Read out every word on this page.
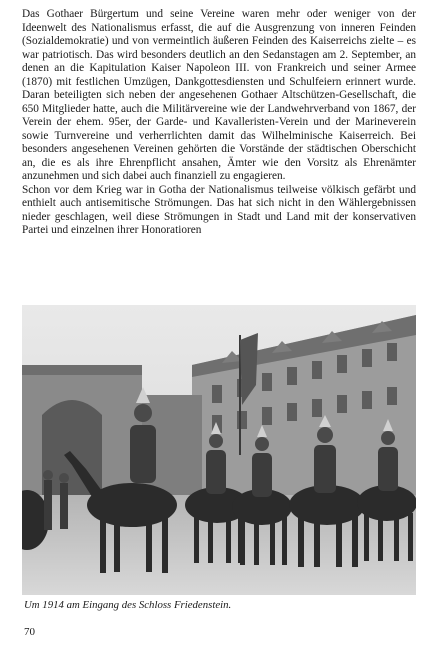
Das Gothaer Bürgertum und seine Vereine waren mehr oder weniger von der Ideenwelt des Nationalismus erfasst, die auf die Ausgrenzung von inneren Feinden (Sozialdemokratie) und von vermeintlich äußeren Feinden des Kaiserreichs zielte – es war patriotisch. Das wird besonders deutlich an den Sedanstagen am 2. September, an denen an die Kapitulation Kaiser Napoleon III. von Frankreich und seiner Armee (1870) mit festlichen Umzügen, Dankgottesdiensten und Schulfeiern erinnert wurde. Daran beteiligten sich neben der angesehenen Gothaer Altschützen-Gesellschaft, die 650 Mitglieder hatte, auch die Militärvereine wie der Landwehrverband von 1867, der Verein der ehem. 95er, der Garde- und Kavalleristen-Verein und der Marineverein sowie Turnvereine und verherrlichten damit das Wilhelminische Kaiserreich. Bei besonders angesehenen Vereinen gehörten die Vorstände der städtischen Oberschicht an, die es als ihre Ehrenpflicht ansahen, Ämter wie den Vorsitz als Ehrenämter anzunehmen und sich dabei auch finanziell zu engagieren.

Schon vor dem Krieg war in Gotha der Nationalismus teilweise völkisch gefärbt und enthielt auch antisemitische Strömungen. Das hat sich nicht in den Wählergebnissen nieder geschlagen, weil diese Strömungen in Stadt und Land mit der konservativen Partei und einzelnen ihrer Honoratioren

Um 1914 am Eingang des Schloss Friedenstein.
70
